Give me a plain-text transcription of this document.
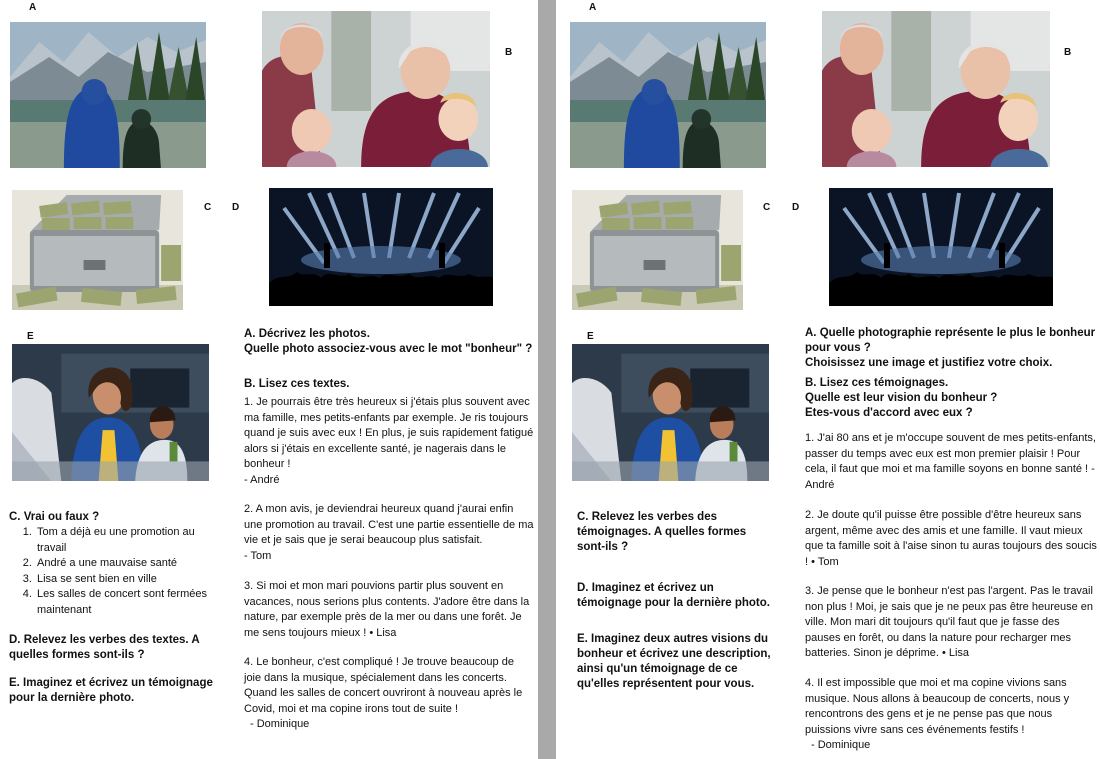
A
B
C D
E	A. Décrivez les photos.
Quelle photo associez-vous avec le mot "bonheur" ?
B. Lisez ces textes.
1. Je pourrais être très heureux si j'étais plus souvent avec ma famille, mes petits-enfants par exemple. Je ris toujours quand je suis avec eux ! En plus, je suis rapidement fatigué alors si j'étais en excellente santé, je nagerais dans le bonheur !
- André
2. A mon avis, je deviendrai heureux quand j'aurai enfin une promotion au travail. C'est une partie essentielle de ma vie et je sais que je serai beaucoup plus satisfait.
- Tom
3. Si moi et mon mari pouvions partir plus souvent en vacances, nous serions plus contents. J'adore être dans la nature, par exemple près de la mer ou dans une forêt. Je me sens toujours mieux ! • Lisa
4. Le bonheur, c'est compliqué ! Je trouve beaucoup de joie dans la musique, spécialement dans les concerts. Quand les salles de concert ouvriront à nouveau après le Covid, moi et ma copine irons tout de suite !
- Dominique
C. Vrai ou faux ?
1. Tom a déjà eu une promotion au travail
2. André a une mauvaise santé
3. Lisa se sent bien en ville
4. Les salles de concert sont fermées maintenant
D. Relevez les verbes des textes. A quelles formes sont-ils ?
E. Imaginez et écrivez un témoignage pour la dernière photo.
A
B
C D
E	A. Quelle photographie représente le plus le bonheur pour vous ?
Choisissez une image et justifiez votre choix.
B. Lisez ces témoignages.
Quelle est leur vision du bonheur ?
Etes-vous d'accord avec eux ?
1. J'ai 80 ans et je m'occupe souvent de mes petits-enfants, passer du temps avec eux est mon premier plaisir ! Pour cela, il faut que moi et ma famille soyons en bonne santé ! - André
2. Je doute qu'il puisse être possible d'être heureux sans argent, même avec des amis et une famille. Il vaut mieux que ta famille soit à l'aise sinon tu auras toujours des soucis ! • Tom
3. Je pense que le bonheur n'est pas l'argent. Pas le travail non plus ! Moi, je sais que je ne peux pas être heureuse en ville. Mon mari dit toujours qu'il faut que je fasse des pauses en forêt, ou dans la nature pour recharger mes batteries. Sinon je déprime. • Lisa
4. Il est impossible que moi et ma copine vivions sans musique. Nous allons à beaucoup de concerts, nous y rencontrons des gens et je ne pense pas que nous puissions vivre sans ces événements festifs !
- Dominique
C. Relevez les verbes des témoignages. A quelles formes sont-ils ?
D. Imaginez et écrivez un témoignage pour la dernière photo.
E. Imaginez deux autres visions du bonheur et écrivez une description, ainsi qu'un témoignage de ce qu'elles représentent pour vous.
